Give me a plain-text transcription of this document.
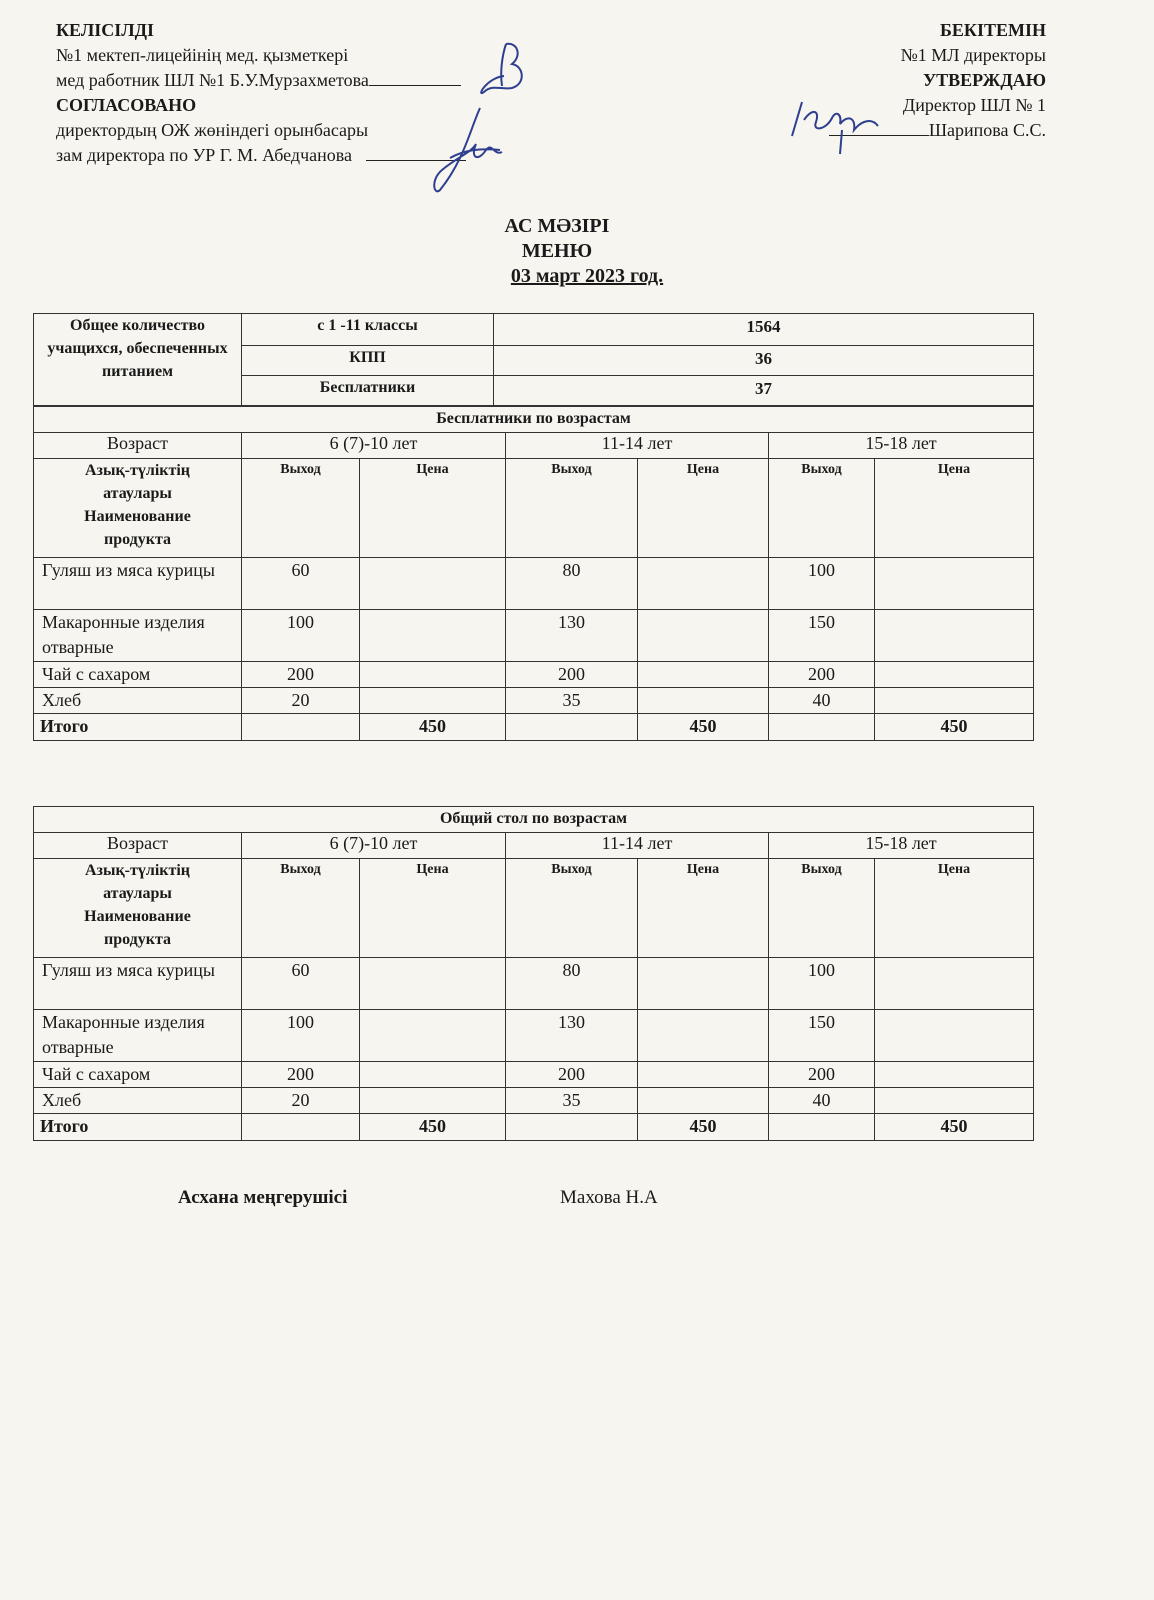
КЕЛІСІЛДІ
№1 мектеп-лицейінің мед. қызметкері
мед работник ШЛ №1 Б.У.Мурзахметова
СОГЛАСОВАНО
директордың ОЖ жөніндегі орынбасары
зам директора по УР Г. М. Абедчанова
БЕКІТЕМІН
№1 МЛ директоры
УТВЕРЖДАЮ
Директор ШЛ № 1
Шарипова С.С.
АС МӘЗІРІ
МЕНЮ
03 март 2023 год.
Общее количество учащихся, обеспеченных питанием	с 1 -11 классы	1564
	КПП	36
	Бесплатники	37
Бесплатники по возрастам						
Возраст	6 (7)-10 лет		11-14 лет		15-18 лет	

Азық-түліктің
атаулары
Наименование
продукта	Выход	Цена	Выход	Цена	Выход	Цена
Гуляш из мяса курицы	60		80		100	
Макаронные изделия отварные	100		130		150	
Чай с сахаром	200		200		200	
Хлеб	20		35		40	
Итого		450		450		450
Общий стол по возрастам						
Возраст	6 (7)-10 лет		11-14 лет		15-18 лет	

Азық-түліктің
атаулары
Наименование
продукта	Выход	Цена	Выход	Цена	Выход	Цена
Гуляш из мяса курицы	60		80		100	
Макаронные изделия отварные	100		130		150	
Чай с сахаром	200		200		200	
Хлеб	20		35		40	
Итого		450		450		450
Асхана меңгерушісі	Махова Н.А
